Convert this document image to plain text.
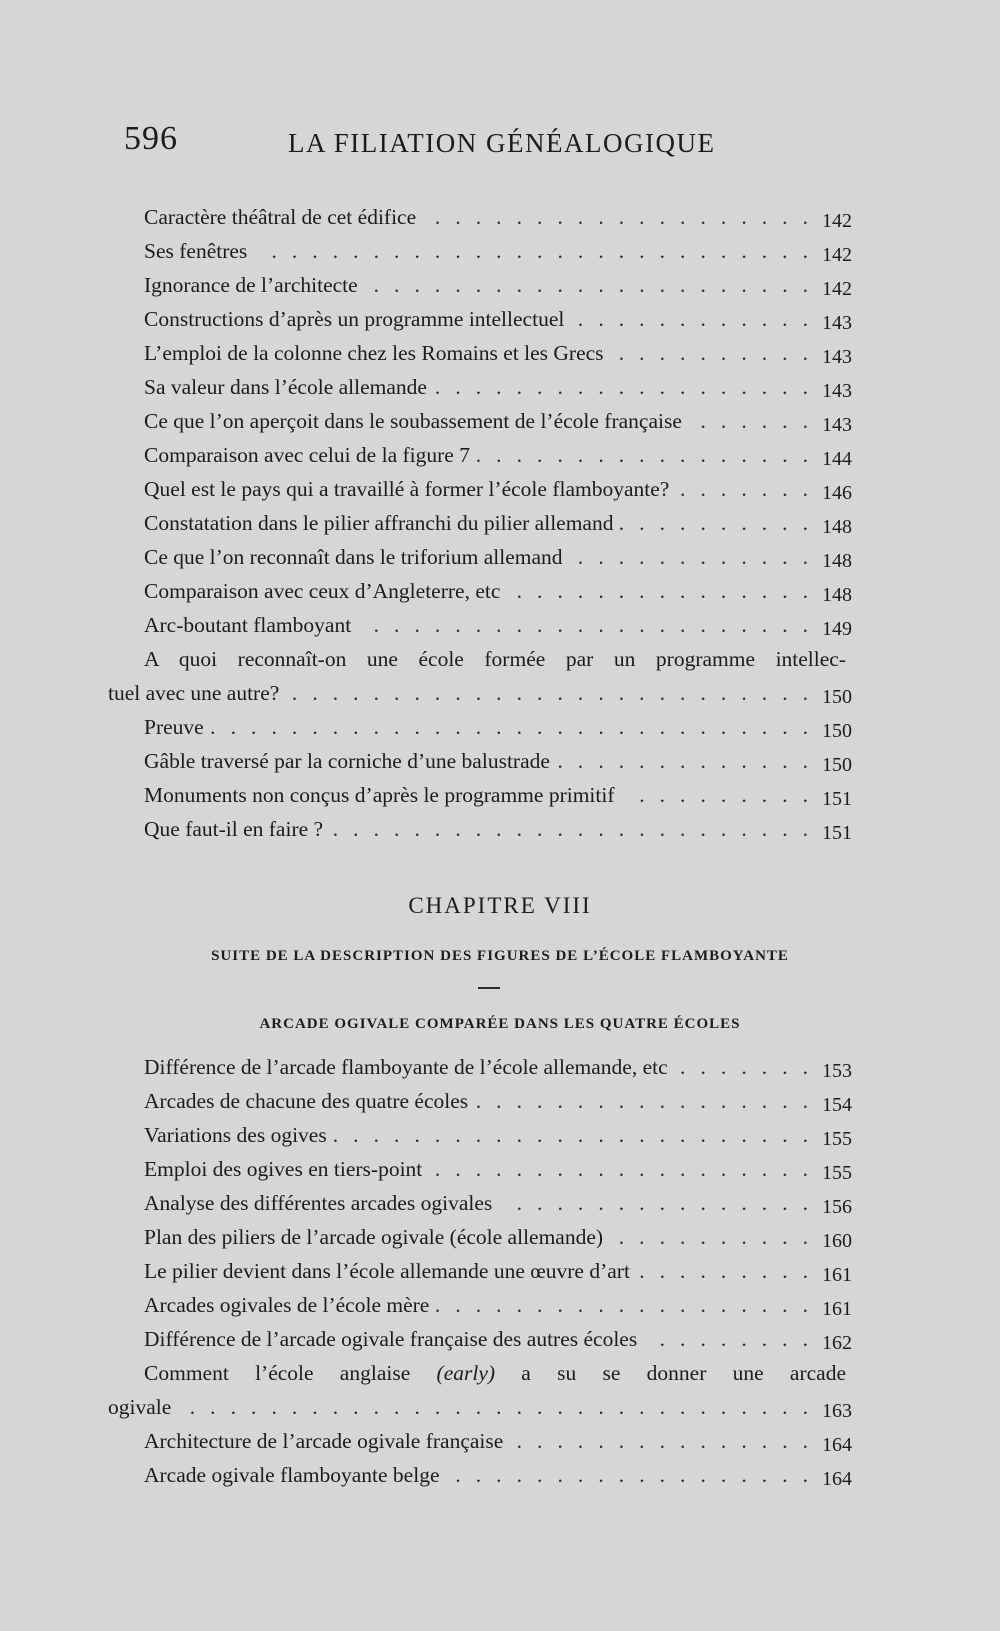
596	LA FILIATION GÉNÉALOGIQUE
Caractère théâtral de cet édifice .  .  .  .  .  .  .  .  .  .  .  .  .  .  .  .  .  .  . 142
Ses fenêtres .  .  .  .  .  .  .  .  .  .  .  .  .  .  .  .  .  .  .  .  .  .  .  .  .  .  . 142
Ignorance de l’architecte .  .  .  .  .  .  .  .  .  .  .  .  .  .  .  .  .  .  .  .  .  . 142
Constructions d’après un programme intellectuel .  .  .  .  .  .  .  .  .  .  .  . 143
L’emploi de la colonne chez les Romains et les Grecs .  .  .  .  .  .  .  .  .  . 143
Sa valeur dans l’école allemande .  .  .  .  .  .  .  .  .  .  .  .  .  .  .  .  .  .  . 143
Ce que l’on aperçoit dans le soubassement de l’école française .  .  .  .  .  . 143
Comparaison avec celui de la figure 7 .  .  .  .  .  .  .  .  .  .  .  .  .  .  .  .  . 144
Quel est le pays qui a travaillé à former l’école flamboyante? .  .  .  .  .  .  . 146
Constatation dans le pilier affranchi du pilier allemand .  .  .  .  .  .  .  .  .  . 148
Ce que l’on reconnaît dans le triforium allemand .  .  .  .  .  .  .  .  .  .  .  . 148
Comparaison avec ceux d’Angleterre, etc .  .  .  .  .  .  .  .  .  .  .  .  .  .  . 148
Arc-boutant flamboyant .  .  .  .  .  .  .  .  .  .  .  .  .  .  .  .  .  .  .  .  .  . 149
A quoi reconnaît-on une école formée par un programme intellec-
tuel avec une autre? .  .  .  .  .  .  .  .  .  .  .  .  .  .  .  .  .  .  .  .  .  .  .  .  .  . 150
Preuve .  .  .  .  .  .  .  .  .  .  .  .  .  .  .  .  .  .  .  .  .  .  .  .  .  .  .  .  .  . 150
Gâble traversé par la corniche d’une balustrade .  .  .  .  .  .  .  .  .  .  .  .  . 150
Monuments non conçus d’après le programme primitif .  .  .  .  .  .  .  .  . 151
Que faut-il en faire ? .  .  .  .  .  .  .  .  .  .  .  .  .  .  .  .  .  .  .  .  .  .  .  . 151
CHAPITRE VIII
SUITE DE LA DESCRIPTION DES FIGURES DE L’ÉCOLE FLAMBOYANTE
ARCADE OGIVALE COMPARÉE DANS LES QUATRE ÉCOLES
Différence de l’arcade flamboyante de l’école allemande, etc .  .  .  .  .  .  . 153
Arcades de chacune des quatre écoles .  .  .  .  .  .  .  .  .  .  .  .  .  .  .  .  . 154
Variations des ogives .  .  .  .  .  .  .  .  .  .  .  .  .  .  .  .  .  .  .  .  .  .  .  . 155
Emploi des ogives en tiers-point .  .  .  .  .  .  .  .  .  .  .  .  .  .  .  .  .  .  . 155
Analyse des différentes arcades ogivales .  .  .  .  .  .  .  .  .  .  .  .  .  .  . 156
Plan des piliers de l’arcade ogivale (école allemande) .  .  .  .  .  .  .  .  .  . 160
Le pilier devient dans l’école allemande une œuvre d’art .  .  .  .  .  .  .  .  . 161
Arcades ogivales de l’école mère .  .  .  .  .  .  .  .  .  .  .  .  .  .  .  .  .  .  . 161
Différence de l’arcade ogivale française des autres écoles .  .  .  .  .  .  .  . 162
Comment l’école anglaise (early) a su se donner une arcade
ogivale .  .  .  .  .  .  .  .  .  .  .  .  .  .  .  .  .  .  .  .  .  .  .  .  .  .  .  .  .  .  . 163
Architecture de l’arcade ogivale française .  .  .  .  .  .  .  .  .  .  .  .  .  .  . 164
Arcade ogivale flamboyante belge .  .  .  .  .  .  .  .  .  .  .  .  .  .  .  .  .  . 164
